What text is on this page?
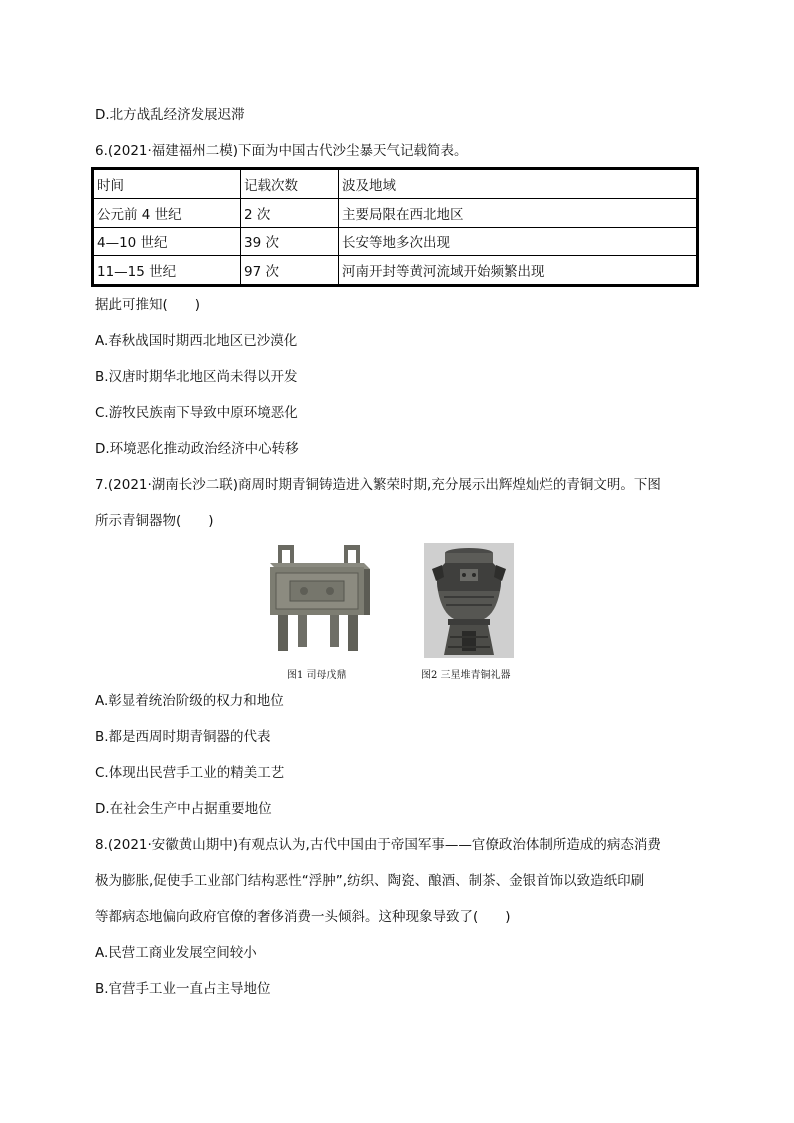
D.北方战乱经济发展迟滞
6.(2021·福建福州二模)下面为中国古代沙尘暴天气记载简表。
时间	记载次数	波及地域
公元前 4 世纪	2 次	主要局限在西北地区
4—10 世纪	39 次	长安等地多次出现
11—15 世纪	97 次	河南开封等黄河流域开始频繁出现
据此可推知(　　)
A.春秋战国时期西北地区已沙漠化
B.汉唐时期华北地区尚未得以开发
C.游牧民族南下导致中原环境恶化
D.环境恶化推动政治经济中心转移
7.(2021·湖南长沙二联)商周时期青铜铸造进入繁荣时期,充分展示出辉煌灿烂的青铜文明。下图
所示青铜器物(　　)
图1 司母戊鼎	图2 三星堆青铜礼器
A.彰显着统治阶级的权力和地位
B.都是西周时期青铜器的代表
C.体现出民营手工业的精美工艺
D.在社会生产中占据重要地位
8.(2021·安徽黄山期中)有观点认为,古代中国由于帝国军事——官僚政治体制所造成的病态消费
极为膨胀,促使手工业部门结构恶性“浮肿”,纺织、陶瓷、酿酒、制茶、金银首饰以致造纸印刷
等都病态地偏向政府官僚的奢侈消费一头倾斜。这种现象导致了(　　)
A.民营工商业发展空间较小
B.官营手工业一直占主导地位
